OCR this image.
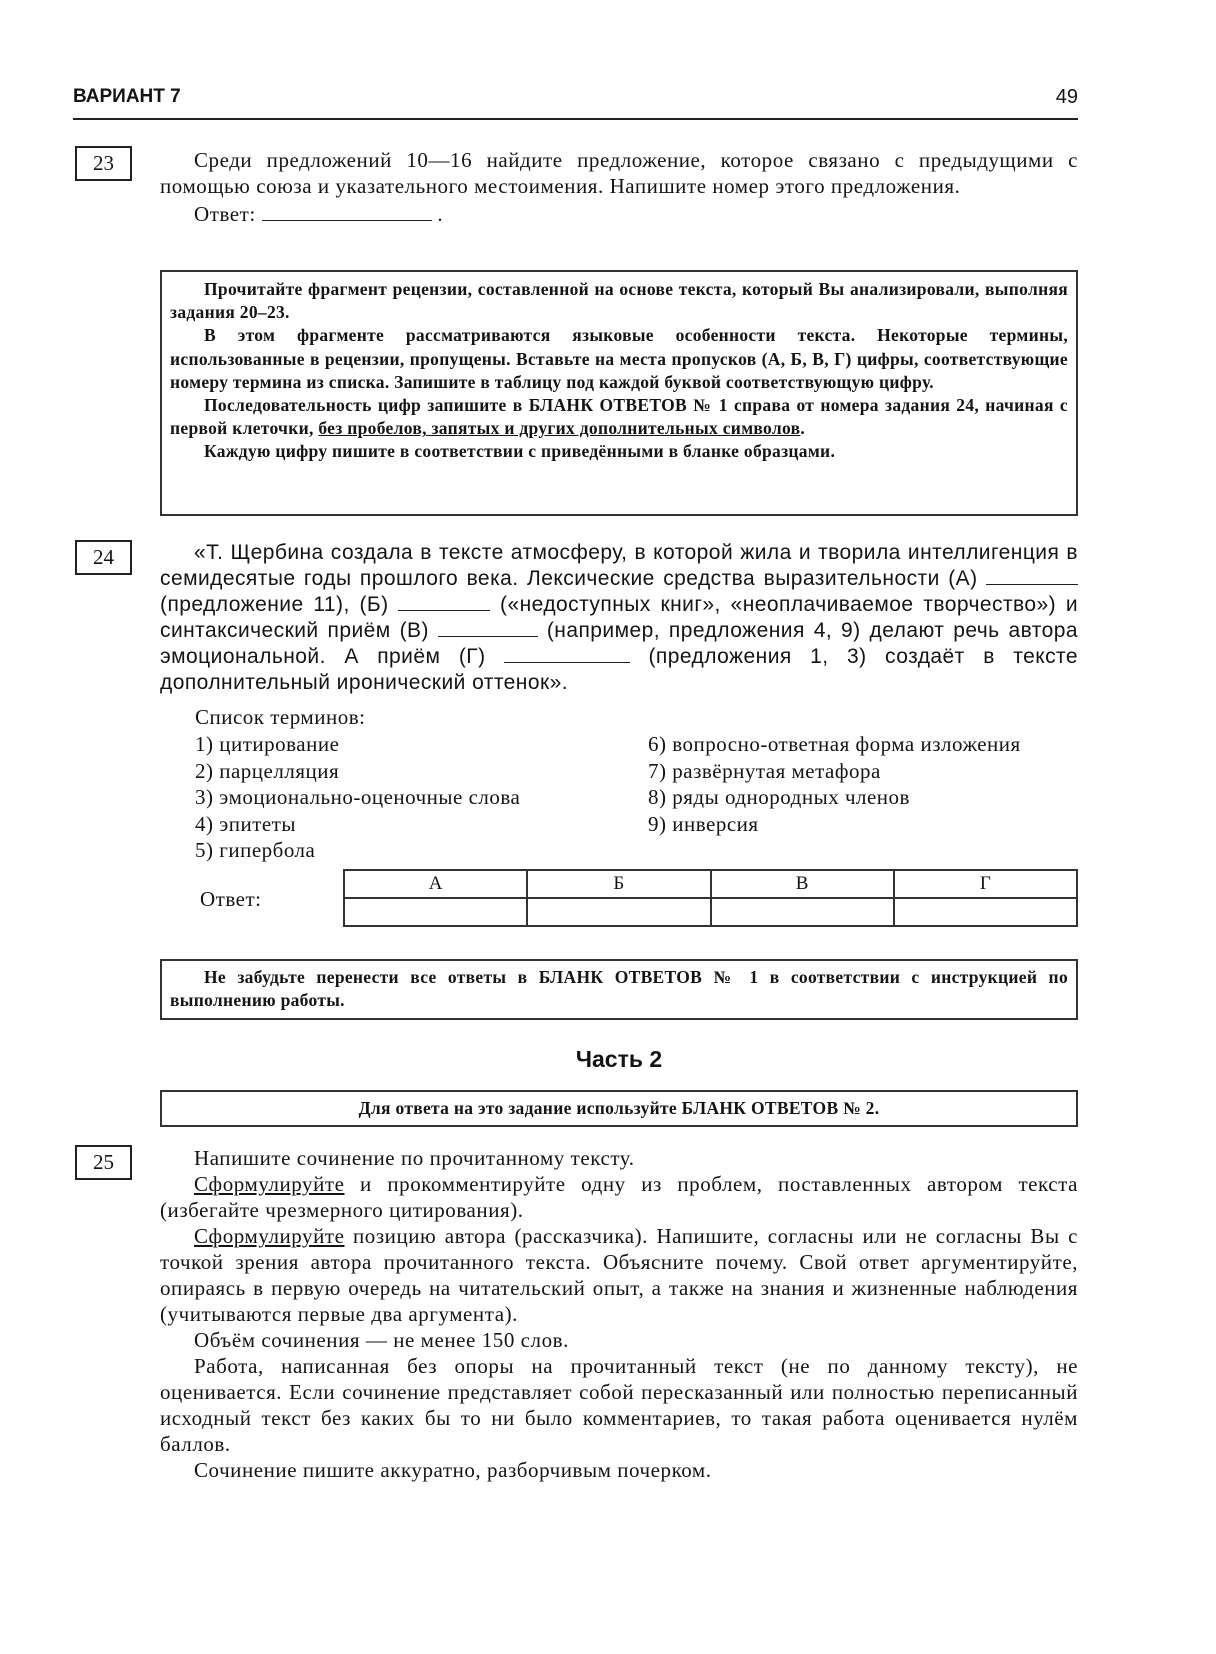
ВАРИАНТ 7	49
23	Среди предложений 10—16 найдите предложение, которое связано с предыдущими с помощью союза и указательного местоимения. Напишите номер этого предложения.

Ответ:	.

Прочитайте фрагмент рецензии, составленной на основе текста, который Вы анализировали, выполняя задания 20–23.

В этом фрагменте рассматриваются языковые особенности текста. Некоторые термины, использованные в рецензии, пропущены. Вставьте на места пропусков (А, Б, В, Г) цифры, соответствующие номеру термина из списка. Запишите в таблицу под каждой буквой соответствующую цифру.

Последовательность цифр запишите в БЛАНК ОТВЕТОВ № 1 справа от номера задания 24, начиная с первой клеточки, без пробелов, запятых и других дополнительных символов.

Каждую цифру пишите в соответствии с приведёнными в бланке образцами.

24	«Т. Щербина создала в тексте атмосферу, в которой жила и творила интеллигенция в семидесятые годы прошлого века. Лексические средства выразительности (А)  (предложение 11), (Б)	(«недоступных книг», «неоплачиваемое творчество») и синтаксический приём (В)	(например, предложения 4, 9) делают речь автора эмоциональной. А приём (Г)	(предложения 1, 3) создаёт в тексте дополнительный иронический оттенок».
Список терминов:
1) цитирование
2) парцелляция
3) эмоционально-оценочные слова
4) эпитеты
5) гипербола
6) вопросно-ответная форма изложения
7) развёрнутая метафора
8) ряды однородных членов
9) инверсия
Ответ:
А	Б	В	Г

Не забудьте перенести все ответы в БЛАНК ОТВЕТОВ № 1 в соответствии с инструкцией по выполнению работы.

Часть 2
Для ответа на это задание используйте БЛАНК ОТВЕТОВ № 2.
25	Напишите сочинение по прочитанному тексту.

Сформулируйте и прокомментируйте одну из проблем, поставленных автором текста (избегайте чрезмерного цитирования).

Сформулируйте позицию автора (рассказчика). Напишите, согласны или не согласны Вы с точкой зрения автора прочитанного текста. Объясните почему. Свой ответ аргументируйте, опираясь в первую очередь на читательский опыт, а также на знания и жизненные наблюдения (учитываются первые два аргумента).

Объём сочинения — не менее 150 слов.

Работа, написанная без опоры на прочитанный текст (не по данному тексту), не оценивается. Если сочинение представляет собой пересказанный или полностью переписанный исходный текст без каких бы то ни было комментариев, то такая работа оценивается нулём баллов.

Сочинение пишите аккуратно, разборчивым почерком.
